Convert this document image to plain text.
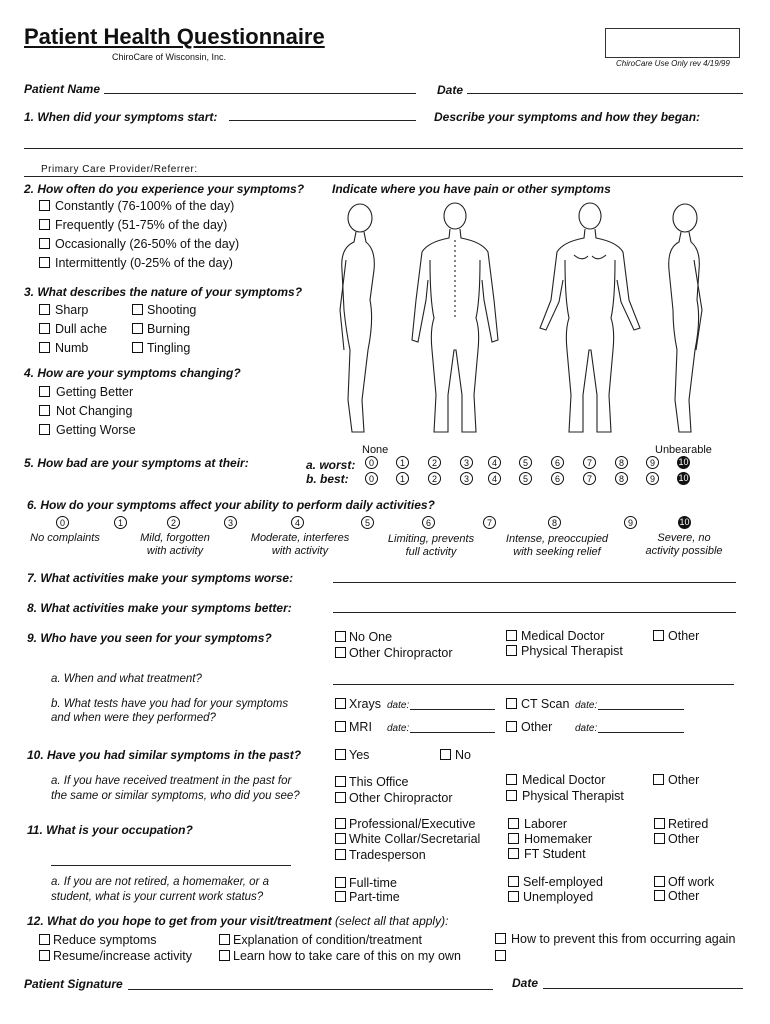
Patient Health Questionnaire
ChiroCare of Wisconsin, Inc.
ChiroCare Use Only rev 4/19/99
Patient Name	Date
1. When did your symptoms start:	Describe your symptoms and how they began:
Primary Care Provider/Referrer:
2. How often do you experience your symptoms? Indicate where you have pain or other symptoms
Constantly (76-100% of the day)
Frequently (51-75% of the day)
Occasionally (26-50% of the day)
Intermittently (0-25% of the day)
3. What describes the nature of your symptoms?
Sharp
Dull ache
Numb
Shooting
Burning
Tingling
4. How are your symptoms changing?
Getting Better
Not Changing
Getting Worse
None	Unbearable
5. How bad are your symptoms at their:	a. worst:
b. best:
0	1	2	3	4	5	6	7	8	9	10
0	1	2	3	4	5	6	7	8	9	10
6. How do your symptoms affect your ability to perform daily activities?
0	1	2	3	4	5	6	7	8	9	10
No complaints	Mild, forgotten
with activity
Moderate, interferes
with activity
Limiting, prevents
full activity
Intense, preoccupied
with seeking relief
Severe, no
activity possible
7. What activities make your symptoms worse:
8. What activities make your symptoms better:
9. Who have you seen for your symptoms?	No One
Other Chiropractor
Medical Doctor
Physical Therapist
Other
a. When and what treatment?
b. What tests have you had for your symptoms
and when were they performed?
Xrays date:
MRI date:
CT Scan date:
Other date:
10. Have you had similar symptoms in the past?	Yes	No
a. If you have received treatment in the past for
the same or similar symptoms, who did you see?
This Office
Other Chiropractor
Medical Doctor
Physical Therapist
Other
11. What is your occupation?	Professional/Executive
White Collar/Secretarial
Tradesperson
Laborer
Homemaker
FT Student
Retired
Other
a. If you are not retired, a homemaker, or a
student, what is your current work status?
Full-time
Part-time
Self-employed
Unemployed
Off work
Other
12. What do you hope to get from your visit/treatment (select all that apply):
Reduce symptoms
Resume/increase activity
Explanation of condition/treatment
Learn how to take care of this on my own
How to prevent this from occurring again
Patient Signature	Date
